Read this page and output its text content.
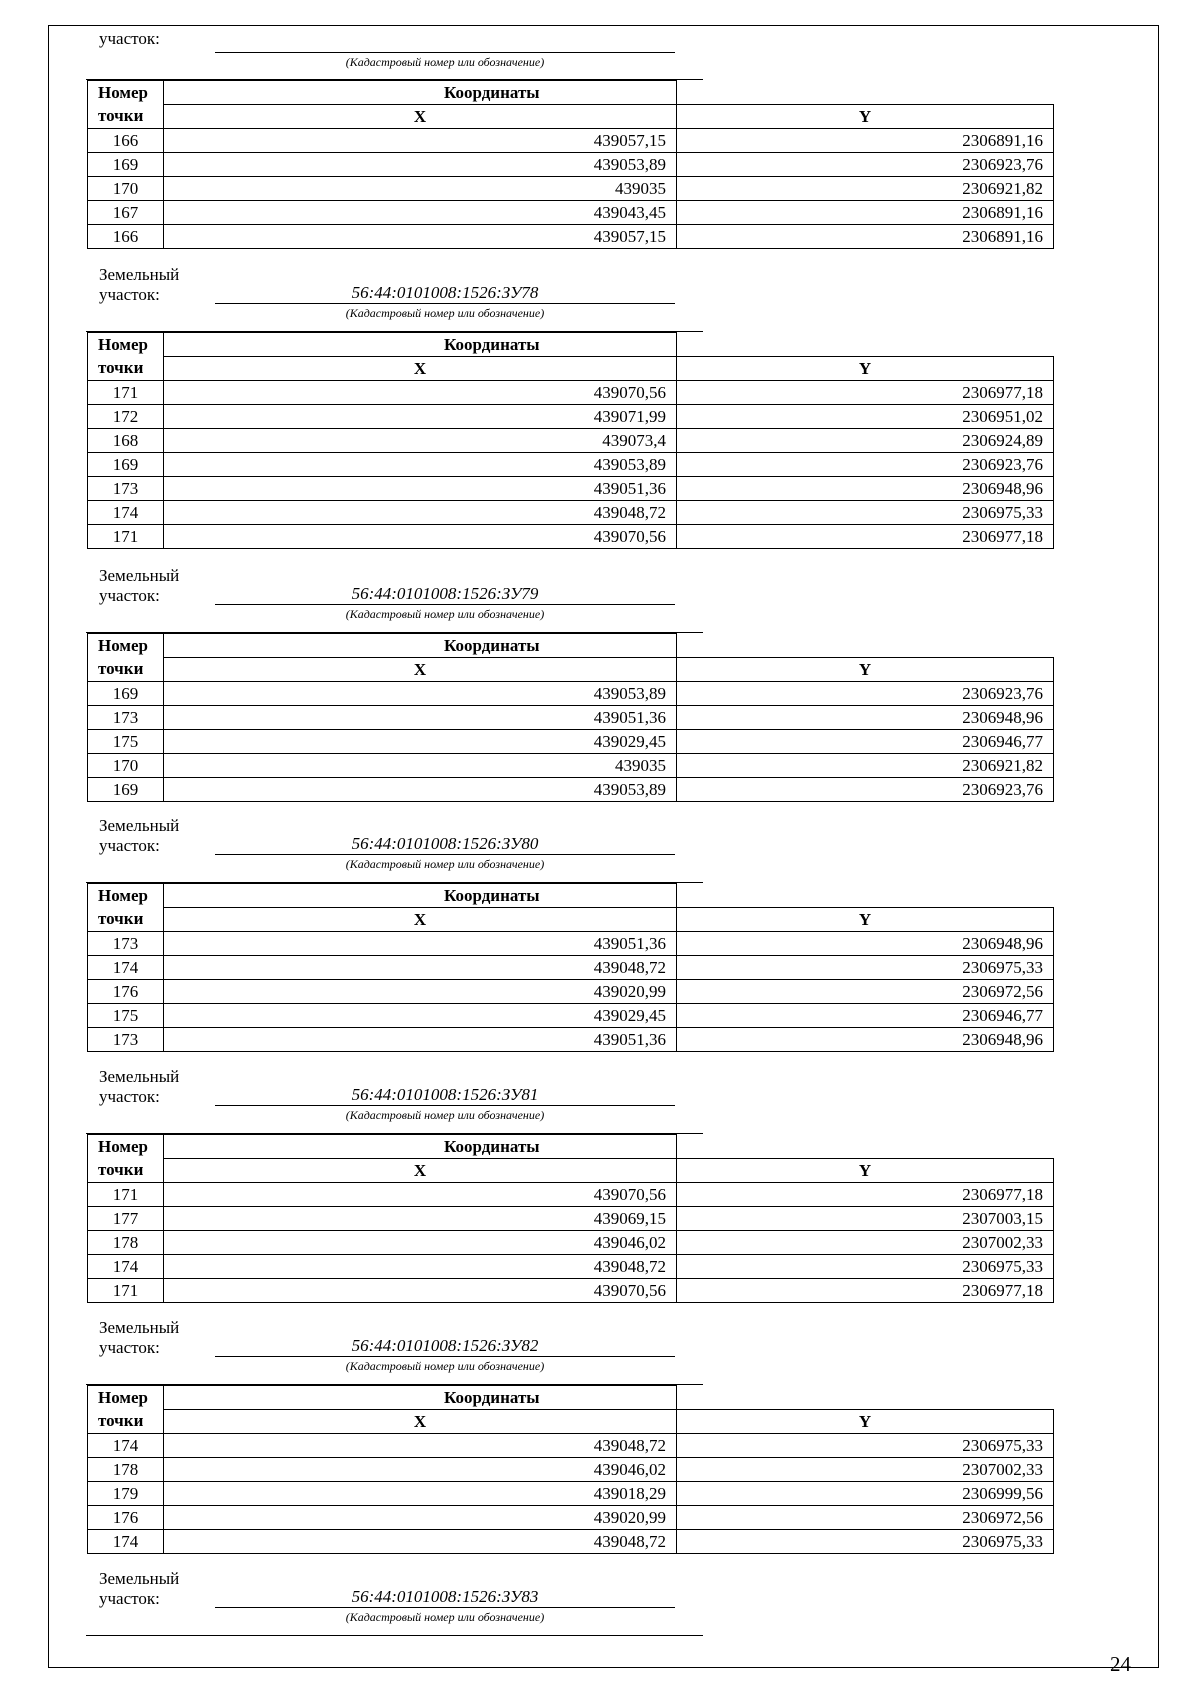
участок:
(Кадастровый номер или обозначение)
Номер
точки	Координаты	
	X	Y
166	439057,15	2306891,16
169	439053,89	2306923,76
170	439035	2306921,82
167	439043,45	2306891,16
166	439057,15	2306891,16
Земельный
участок:	56:44:0101008:1526:ЗУ78
(Кадастровый номер или обозначение)
Номер
точки	Координаты	
	X	Y
171	439070,56	2306977,18
172	439071,99	2306951,02
168	439073,4	2306924,89
169	439053,89	2306923,76
173	439051,36	2306948,96
174	439048,72	2306975,33
171	439070,56	2306977,18
Земельный
участок:	56:44:0101008:1526:ЗУ79
(Кадастровый номер или обозначение)
Номер
точки	Координаты	
	X	Y
169	439053,89	2306923,76
173	439051,36	2306948,96
175	439029,45	2306946,77
170	439035	2306921,82
169	439053,89	2306923,76
Земельный
участок:	56:44:0101008:1526:ЗУ80
(Кадастровый номер или обозначение)
Номер
точки	Координаты	
	X	Y
173	439051,36	2306948,96
174	439048,72	2306975,33
176	439020,99	2306972,56
175	439029,45	2306946,77
173	439051,36	2306948,96
Земельный
участок:	56:44:0101008:1526:ЗУ81
(Кадастровый номер или обозначение)
Номер
точки	Координаты	
	X	Y
171	439070,56	2306977,18
177	439069,15	2307003,15
178	439046,02	2307002,33
174	439048,72	2306975,33
171	439070,56	2306977,18
Земельный
участок:	56:44:0101008:1526:ЗУ82
(Кадастровый номер или обозначение)
Номер
точки	Координаты	
	X	Y
174	439048,72	2306975,33
178	439046,02	2307002,33
179	439018,29	2306999,56
176	439020,99	2306972,56
174	439048,72	2306975,33
Земельный
участок:	56:44:0101008:1526:ЗУ83
(Кадастровый номер или обозначение)
24
